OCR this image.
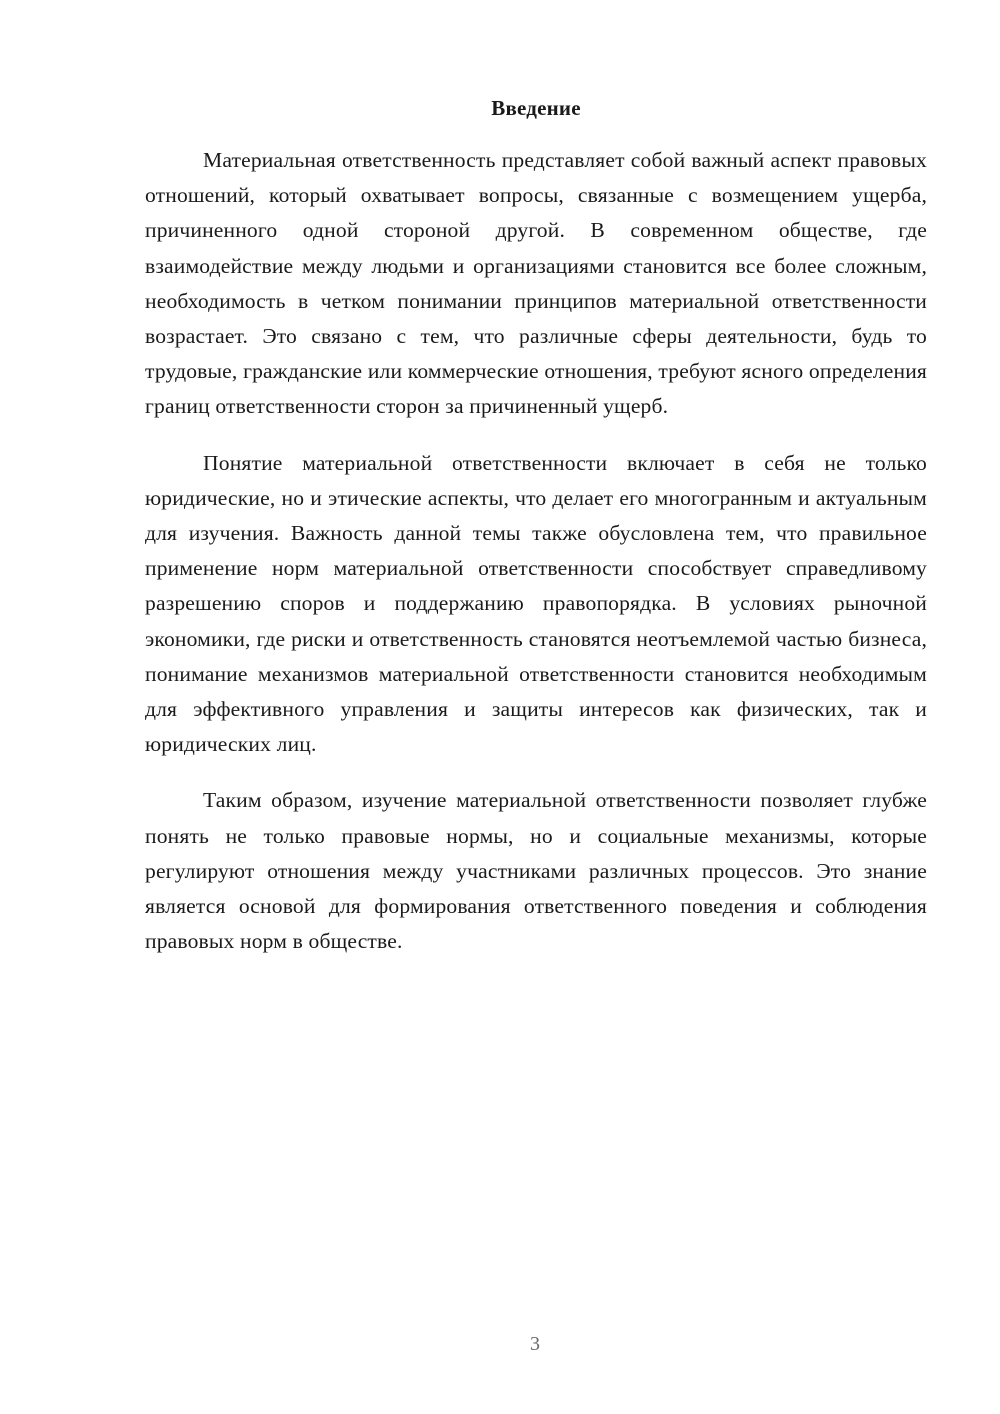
Введение

Материальная ответственность представляет собой важный аспект правовых отношений, который охватывает вопросы, связанные с возмещением ущерба, причиненного одной стороной другой. В современном обществе, где взаимодействие между людьми и организациями становится все более сложным, необходимость в четком понимании принципов материальной ответственности возрастает. Это связано с тем, что различные сферы деятельности, будь то трудовые, гражданские или коммерческие отношения, требуют ясного определения границ ответственности сторон за причиненный ущерб.

Понятие материальной ответственности включает в себя не только юридические, но и этические аспекты, что делает его многогранным и актуальным для изучения. Важность данной темы также обусловлена тем, что правильное применение норм материальной ответственности способствует справедливому разрешению споров и поддержанию правопорядка. В условиях рыночной экономики, где риски и ответственность становятся неотъемлемой частью бизнеса, понимание механизмов материальной ответственности становится необходимым для эффективного управления и защиты интересов как физических, так и юридических лиц.

Таким образом, изучение материальной ответственности позволяет глубже понять не только правовые нормы, но и социальные механизмы, которые регулируют отношения между участниками различных процессов. Это знание является основой для формирования ответственного поведения и соблюдения правовых норм в обществе.

3
